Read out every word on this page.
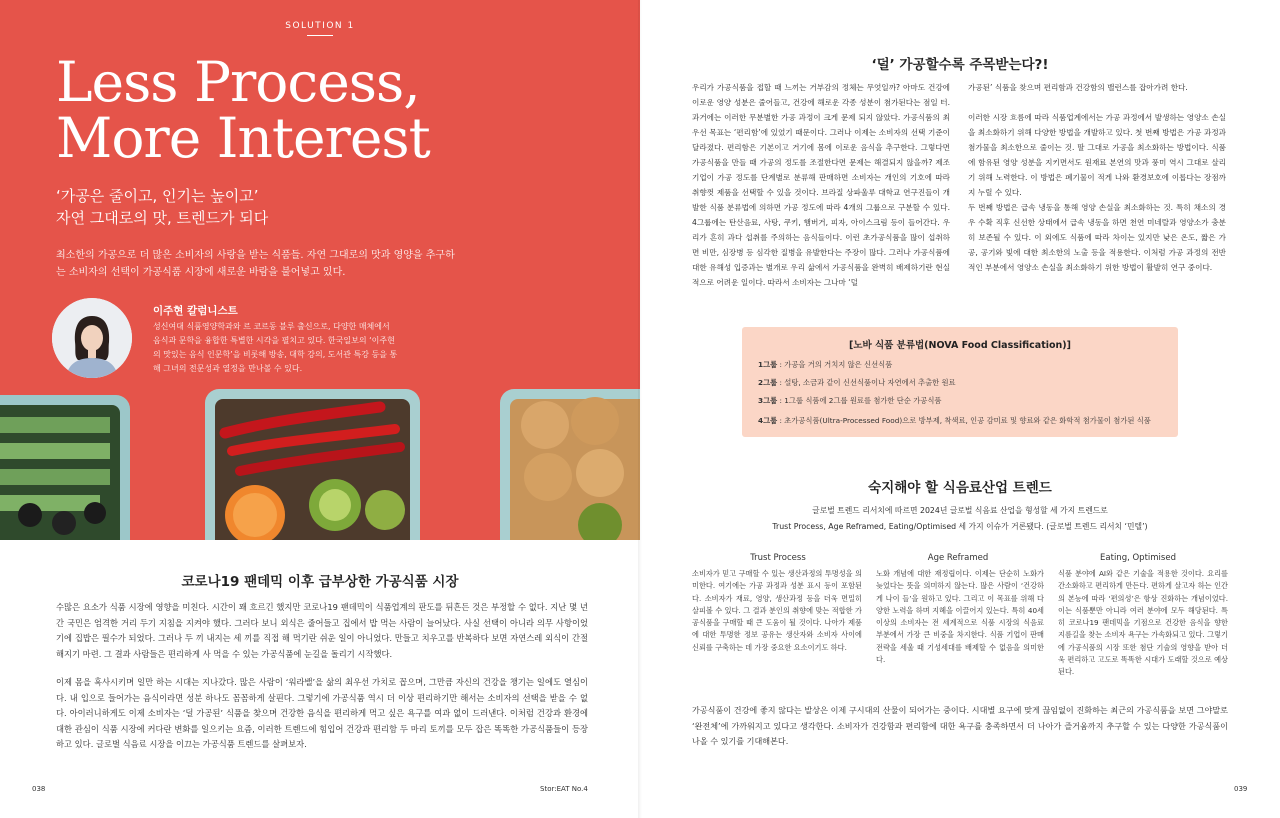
SOLUTION 1
Less Process,
More Interest
‘가공은 줄이고, 인기는 높이고’
자연 그대로의 맛, 트렌드가 되다
최소한의 가공으로 더 많은 소비자의 사랑을 받는 식품들. 자연 그대로의 맛과 영양을 추구하는 소비자의 선택이 가공식품 시장에 새로운 바람을 불어넣고 있다.
이주현 칼럼니스트
성신여대 식품영양학과와 르 코르동 블루 출신으로, 다양한 매체에서 음식과 문학을 융합한 특별한 시각을 펼치고 있다. 한국일보의 ‘이주현의 맛있는 음식 인문학’을 비롯해 방송, 대학 강의, 도서관 특강 등을 통해 그녀의 전문성과 열정을 만나볼 수 있다.
코로나19 팬데믹 이후 급부상한 가공식품 시장
수많은 요소가 식품 시장에 영향을 미친다. 시간이 꽤 흐르긴 했지만 코로나19 팬데믹이 식품업계의 판도를 뒤흔든 것은 부정할 수 없다. 지난 몇 년간 국민은 엄격한 거리 두기 지침을 지켜야 했다. 그러다 보니 외식은 줄어들고 집에서 밥 먹는 사람이 늘어났다. 사실 선택이 아니라 의무 사항이었기에 집밥은 필수가 되었다. 그러나 두 끼 내지는 세 끼를 직접 해 먹기란 쉬운 일이 아니었다. 만들고 치우고를 반복하다 보면 자연스레 외식이 간절해지기 마련. 그 결과 사람들은 편리하게 사 먹을 수 있는 가공식품에 눈길을 돌리기 시작했다.
이제 몸을 혹사시키며 일만 하는 시대는 지나갔다. 많은 사람이 ‘워라밸’을 삶의 최우선 가치로 꼽으며, 그만큼 자신의 건강을 챙기는 일에도 열심이다. 내 입으로 들어가는 음식이라면 성분 하나도 꼼꼼하게 살핀다. 그렇기에 가공식품 역시 더 이상 편리하기만 해서는 소비자의 선택을 받을 수 없다. 아이러니하게도 이제 소비자는 ‘덜 가공된’ 식품을 찾으며 건강한 음식을 편리하게 먹고 싶은 욕구를 여과 없이 드러낸다. 이처럼 건강과 환경에 대한 관심이 식품 시장에 커다란 변화를 일으키는 요즘, 이러한 트렌드에 힘입어 건강과 편리함 두 마리 토끼를 모두 잡은 똑똑한 가공식품들이 등장하고 있다. 글로벌 식음료 시장을 이끄는 가공식품 트렌드를 살펴보자.
038	Stor:EAT No.4
‘덜’ 가공할수록 주목받는다?!
우리가 가공식품을 접할 때 느끼는 거부감의 정체는 무엇일까? 아마도 건강에 이로운 영양 성분은 줄어들고, 건강에 해로운 각종 성분이 첨가된다는 점일 터. 과거에는 이러한 무분별한 가공 과정이 크게 문제 되지 않았다. 가공식품의 최우선 목표는 ‘편리함’에 있었기 때문이다. 그러나 이제는 소비자의 선택 기준이 달라졌다. 편리함은 기본이고 거기에 몸에 이로운 음식을 추구한다. 그렇다면 가공식품을 만들 때 가공의 정도를 조절한다면 문제는 해결되지 않을까? 제조 기업이 가공 정도를 단계별로 분류해 판매하면 소비자는 개인의 기호에 따라 취향껏 제품을 선택할 수 있을 것이다. 브라질 상파울루 대학교 연구진들이 개발한 식품 분류법에 의하면 가공 정도에 따라 4개의 그룹으로 구분할 수 있다. 4그룹에는 탄산음료, 사탕, 쿠키, 햄버거, 피자, 아이스크림 등이 들어간다. 우리가 흔히 과다 섭취를 주의하는 음식들이다. 이런 초가공식품을 많이 섭취하면 비만, 심장병 등 심각한 질병을 유발한다는 주장이 많다. 그러나 가공식품에 대한 유해성 입증과는 별개로 우리 삶에서 가공식품을 완벽히 배제하기란 현실적으로 어려운 일이다. 따라서 소비자는 그나마 ‘덜
가공된’ 식품을 찾으며 편리함과 건강함의 밸런스를 잡아가려 한다.

이러한 시장 흐름에 따라 식품업계에서는 가공 과정에서 발생하는 영양소 손실을 최소화하기 위해 다양한 방법을 개발하고 있다. 첫 번째 방법은 가공 과정과 첨가물을 최소한으로 줄이는 것. 딸 그대로 가공을 최소화하는 방법이다. 식품에 함유된 영양 성분을 지키면서도 원재료 본연의 맛과 풍미 역시 그대로 살리기 위해 노력한다. 이 방법은 폐기물이 적게 나와 환경보호에 이롭다는 장점까지 누릴 수 있다.
두 번째 방법은 급속 냉동을 통해 영양 손실을 최소화하는 것. 특히 채소의 경우 수확 직후 신선한 상태에서 급속 냉동을 하면 천연 미네랄과 영양소가 충분히 보존될 수 있다. 이 외에도 식품에 따라 차이는 있지만 낮은 온도, 짧은 가공, 공기와 빛에 대한 최소한의 노출 등을 적용한다. 이처럼 가공 과정의 전반적인 부분에서 영양소 손실을 최소화하기 위한 방법이 활발히 연구 중이다.
[노바 식품 분류법(NOVA Food Classification)]
1그룹 : 가공을 거의 거치지 않은 신선식품
2그룹 : 설탕, 소금과 같이 신선식품이나 자연에서 추출한 원료
3그룹 : 1그룹 식품에 2그룹 원료를 첨가한 단순 가공식품
4그룹 : 초가공식품(Ultra-Processed Food)으로 방부제, 착색료, 인공 감미료 및 향료와 같은 화학적 첨가물이 첨가된 식품
숙지해야 할 식음료산업 트렌드
글로벌 트렌드 리서치에 따르면 2024년 글로벌 식음료 산업을 형성할 세 가지 트렌드로
Trust Process, Age Reframed, Eating/Optimised 세 가지 이슈가 거론됐다. (글로벌 트렌드 리서치 ‘민텔’)
Trust Process	Age Reframed	Eating, Optimised
소비자가 믿고 구매할 수 있는 생산과정의 투명성을 의미한다. 여기에는 가공 과정과 성분 표시 등이 포함된다. 소비자가 재료, 영양, 생산과정 등을 더욱 면밀히 살피볼 수 있다. 그 결과 분인의 취향에 맞는 적합한 가공식품을 구매할 때 큰 도움이 될 것이다. 나아가 제품에 대한 투명한 정보 공유는 생산자와 소비자 사이에 신뢰를 구축하는 데 가장 중요한 요소이기도 하다.
노화 개념에 대한 재정립이다. 이제는 단순히 노화가 늦었다는 뜻을 의미하지 않는다. 많은 사람이 ‘건강하게 나이 들’을 원하고 있다. 그리고 이 목표를 위해 다양한 노력을 하며 지혜을 이끌어지 있는다. 특히 40세 이상의 소비자는 전 세계적으로 식품 시장의 식음료 부분에서 가장 큰 비중을 차지한다. 식품 기업이 판매 전략을 세울 때 기성세대를 배제할 수 없음을 의미한다.
식품 분야에 AI와 같은 기술을 적용한 것이다. 요리를 간소화하고 편리하게 만든다. 편하게 살고자 하는 인간의 본능에 따라 ‘편의성’은 항상 진화하는 개념이었다. 이는 식품뿐만 아니라 여러 분야에 모두 해당된다. 특히 코로나19 팬데믹을 기점으로 건강한 음식을 향한 지름길을 찾는 소비자 욕구는 가속화되고 있다. 그렇기에 가공식품의 시장 또한 첨단 기술의 영향을 받아 더욱 편리하고 고도로 똑똑한 시대가 도래할 것으로 예상된다.
가공식품이 건강에 좋지 않다는 발상은 이제 구시대의 산물이 되어가는 중이다. 시대별 요구에 맞게 끊임없이 진화하는 최근의 가공식품을 보면 그야말로 ‘완전체’에 가까워지고 있다고 생각한다. 소비자가 건강함과 편리함에 대한 욕구를 충족하면서 더 나아가 즐거움까지 추구할 수 있는 다양한 가공식품이 나올 수 있기를 기대해본다.
039
